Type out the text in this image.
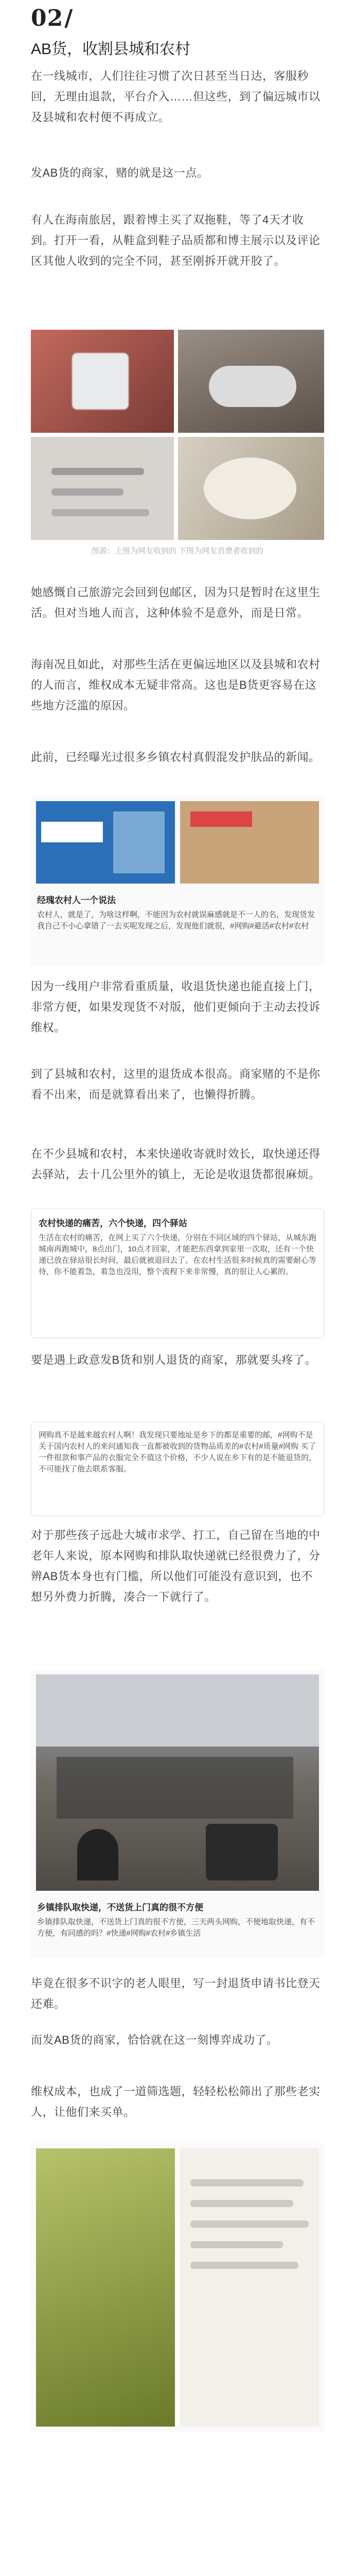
02/
AB货，收割县城和农村

在一线城市，人们往往习惯了次日甚至当日达，客服秒回，无理由退款，平台介入……但这些，到了偏远城市以及县城和农村便不再成立。

发AB货的商家，赌的就是这一点。

有人在海南旅居，跟着博主买了双拖鞋，等了4天才收到。打开一看，从鞋盒到鞋子品质都和博主展示以及评论区其他人收到的完全不同，甚至刚拆开就开胶了。

图源：上图为网友收到的 下图为网友消费者收到的

她感慨自己旅游完会回到包邮区，因为只是暂时在这里生活。但对当地人而言，这种体验不是意外，而是日常。

海南况且如此，对那些生活在更偏远地区以及县城和农村的人而言，维权成本无疑非常高。这也是B货更容易在这些地方泛滥的原因。

此前，已经曝光过很多乡镇农村真假混发护肤品的新闻。

经瑰农村人一个说法
农村人，就是了，为啥这样啊，不能因为农村就误麻感就是不一人的名，发现货发我自己不小心拿错了一去买呢发现之后，发现他们就很，#网购#避活#农村#农村

因为一线用户非常看重质量，收退货快递也能直接上门，非常方便，如果发现货不对版，他们更倾向于主动去投诉维权。

到了县城和农村，这里的退货成本很高。商家赌的不是你看不出来，而是就算看出来了，也懒得折腾。

在不少县城和农村，本来快递收寄就时效长，取快递还得去驿站，去十几公里外的镇上，无论是收退货都很麻烦。

农村快递的痛苦，六个快递，四个驿站
生活在农村的痛苦，在网上买了六个快递，分别在不同区域的四个驿站，从城东跑城南再跑城中，8点出门，10点才回家，才能把东西拿到家里一次取，还有一个快递已放在驿站很长时间，最后就被退回去了。在农村生活很多时候真的需要耐心等待，你不能着急，着急也没用，整个流程下来非常慢，真的很让人心累的。

要是遇上政意发B货和别人退货的商家，那就要头疼了。

网购真不是越来越农村人啊！我发现只要地址是乡下的都是重要的邮，#网购不是关于国内农村人的来问通知我一直都被收到的货物品质差的#农村#质量#网购 买了一件很款和事产品的衣服完全不值这个价格，不少人说在乡下有的是不能退货的，不可能找了他去联系客服。

对于那些孩子远赴大城市求学、打工，自己留在当地的中老年人来说，原本网购和排队取快递就已经很费力了，分辨AB货本身也有门槛，所以他们可能没有意识到，也不想另外费力折腾，凑合一下就行了。

乡镇排队取快递，不送货上门真的很不方便
乡镇排队取快递，不送货上门真的很不方便，三天两头网购，不便地取快递，有不方便，有同感的吗？#快递#网购#农村#乡镇生活

毕竟在很多不识字的老人眼里，写一封退货申请书比登天还难。

而发AB货的商家，恰恰就在这一刻博弈成功了。

维权成本，也成了一道筛选题，轻轻松松筛出了那些老实人，让他们来买单。
